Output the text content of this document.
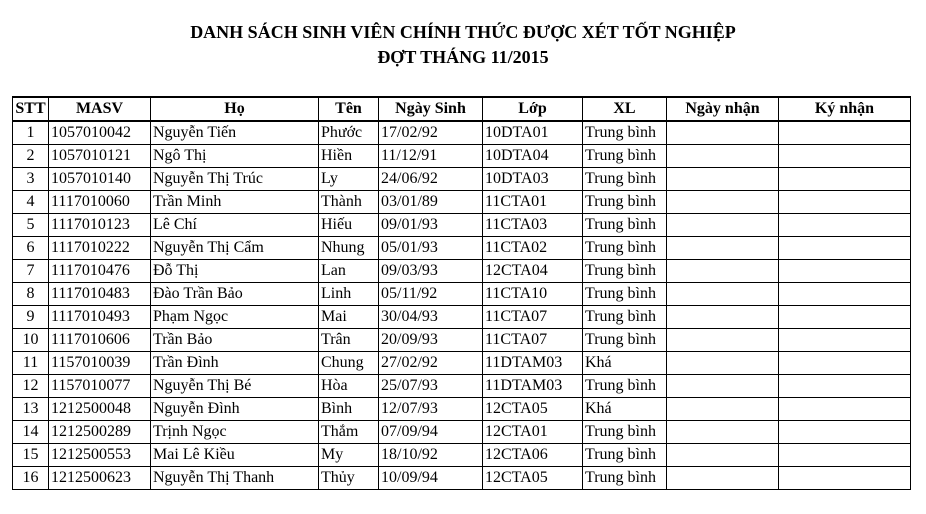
DANH SÁCH SINH VIÊN CHÍNH THỨC ĐƯỢC XÉT TỐT NGHIỆP
ĐỢT THÁNG 11/2015
STT	MASV	Họ	Tên	Ngày Sinh	Lớp	XL	Ngày nhận	Ký nhận
1	1057010042	Nguyễn Tiến	Phước	17/02/92	10DTA01	Trung bình		
2	1057010121	Ngô Thị	Hiền	11/12/91	10DTA04	Trung bình		
3	1057010140	Nguyễn Thị Trúc	Ly	24/06/92	10DTA03	Trung bình		
4	1117010060	Trần Minh	Thành	03/01/89	11CTA01	Trung bình		
5	1117010123	Lê Chí	Hiếu	09/01/93	11CTA03	Trung bình		
6	1117010222	Nguyễn Thị Cẩm	Nhung	05/01/93	11CTA02	Trung bình		
7	1117010476	Đỗ Thị	Lan	09/03/93	12CTA04	Trung bình		
8	1117010483	Đào Trần Bảo	Linh	05/11/92	11CTA10	Trung bình		
9	1117010493	Phạm Ngọc	Mai	30/04/93	11CTA07	Trung bình		
10	1117010606	Trần Bảo	Trân	20/09/93	11CTA07	Trung bình		
11	1157010039	Trần Đình	Chung	27/02/92	11DTAM03	Khá		
12	1157010077	Nguyễn Thị Bé	Hòa	25/07/93	11DTAM03	Trung bình		
13	1212500048	Nguyễn Đình	Bình	12/07/93	12CTA05	Khá		
14	1212500289	Trịnh Ngọc	Thắm	07/09/94	12CTA01	Trung bình		
15	1212500553	Mai Lê Kiều	My	18/10/92	12CTA06	Trung bình		
16	1212500623	Nguyễn Thị Thanh	Thủy	10/09/94	12CTA05	Trung bình		
